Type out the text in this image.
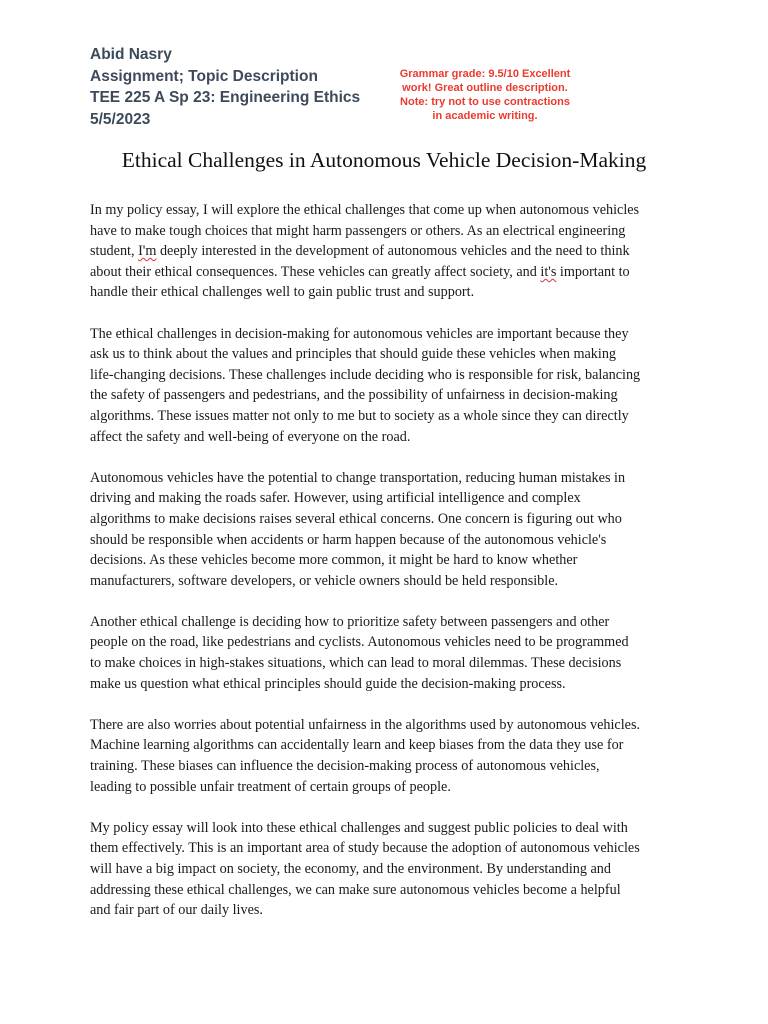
Abid Nasry
Assignment; Topic Description
TEE 225 A Sp 23: Engineering Ethics
5/5/2023
Grammar grade: 9.5/10 Excellent
work! Great outline description.
Note: try not to use contractions
in academic writing.
Ethical Challenges in Autonomous Vehicle Decision-Making
In my policy essay, I will explore the ethical challenges that come up when autonomous vehicles
have to make tough choices that might harm passengers or others. As an electrical engineering
student, I'm deeply interested in the development of autonomous vehicles and the need to think
about their ethical consequences. These vehicles can greatly affect society, and it's important to
handle their ethical challenges well to gain public trust and support.
The ethical challenges in decision-making for autonomous vehicles are important because they
ask us to think about the values and principles that should guide these vehicles when making
life-changing decisions. These challenges include deciding who is responsible for risk, balancing
the safety of passengers and pedestrians, and the possibility of unfairness in decision-making
algorithms. These issues matter not only to me but to society as a whole since they can directly
affect the safety and well-being of everyone on the road.
Autonomous vehicles have the potential to change transportation, reducing human mistakes in
driving and making the roads safer. However, using artificial intelligence and complex
algorithms to make decisions raises several ethical concerns. One concern is figuring out who
should be responsible when accidents or harm happen because of the autonomous vehicle's
decisions. As these vehicles become more common, it might be hard to know whether
manufacturers, software developers, or vehicle owners should be held responsible.
Another ethical challenge is deciding how to prioritize safety between passengers and other
people on the road, like pedestrians and cyclists. Autonomous vehicles need to be programmed
to make choices in high-stakes situations, which can lead to moral dilemmas. These decisions
make us question what ethical principles should guide the decision-making process.
There are also worries about potential unfairness in the algorithms used by autonomous vehicles.
Machine learning algorithms can accidentally learn and keep biases from the data they use for
training. These biases can influence the decision-making process of autonomous vehicles,
leading to possible unfair treatment of certain groups of people.
My policy essay will look into these ethical challenges and suggest public policies to deal with
them effectively. This is an important area of study because the adoption of autonomous vehicles
will have a big impact on society, the economy, and the environment. By understanding and
addressing these ethical challenges, we can make sure autonomous vehicles become a helpful
and fair part of our daily lives.
